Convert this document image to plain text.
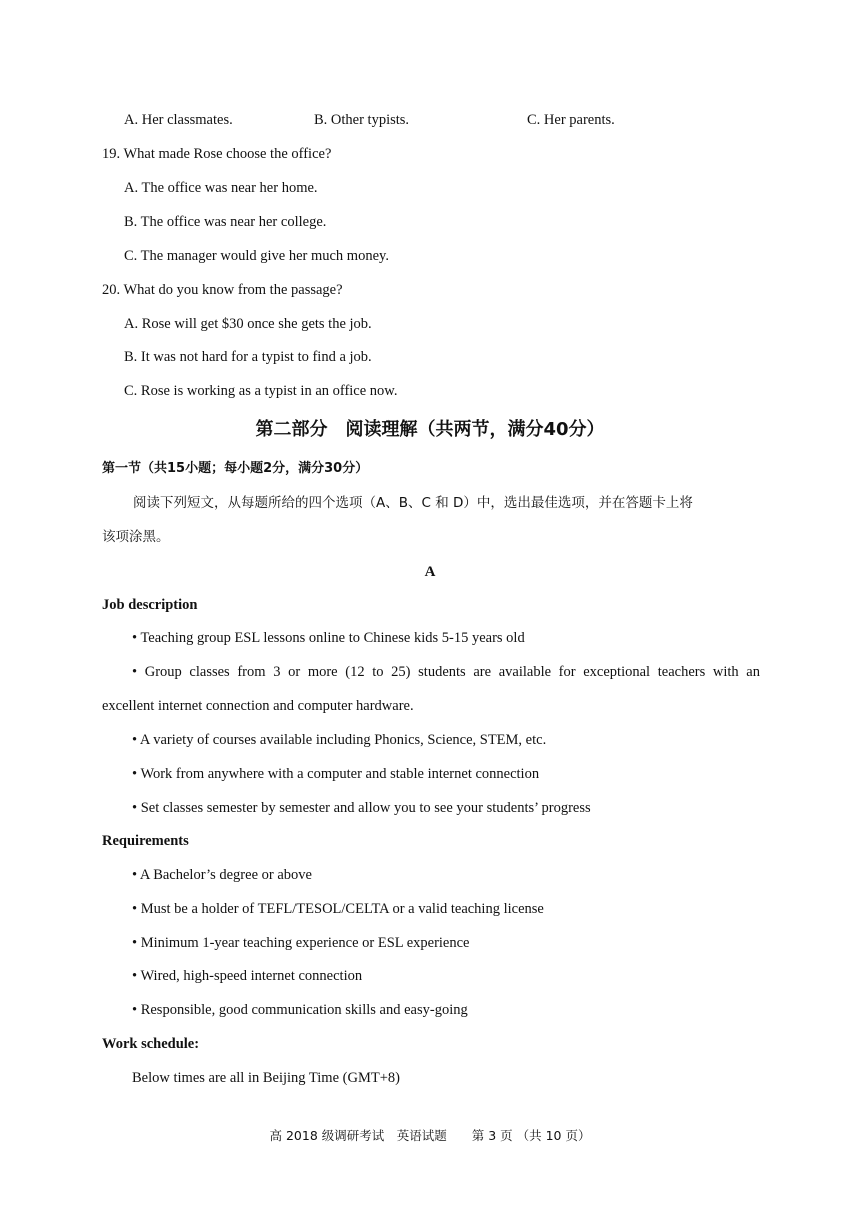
A. Her classmates.	B. Other typists.	C. Her parents.
19. What made Rose choose the office?
A. The office was near her home.
B. The office was near her college.
C. The manager would give her much money.
20. What do you know from the passage?
A. Rose will get $30 once she gets the job.
B. It was not hard for a typist to find a job.
C. Rose is working as a typist in an office now.
第二部分　阅读理解（共两节，满分40分）
第一节（共15小题；每小题2分，满分30分）
阅读下列短文，从每题所给的四个选项（A、B、C 和 D）中，选出最佳选项，并在答题卡上将
该项涂黑。
A
Job description
• Teaching group ESL lessons online to Chinese kids 5-15 years old
• Group classes from 3 or more (12 to 25) students are available for exceptional teachers with an
excellent internet connection and computer hardware.
• A variety of courses available including Phonics, Science, STEM, etc.
• Work from anywhere with a computer and stable internet connection
• Set classes semester by semester and allow you to see your students’ progress
Requirements
• A Bachelor’s degree or above
• Must be a holder of TEFL/TESOL/CELTA or a valid teaching license
• Minimum 1-year teaching experience or ESL experience
• Wired, high-speed internet connection
• Responsible, good communication skills and easy-going
Work schedule:
Below times are all in Beijing Time (GMT+8)
高 2018 级调研考试　英语试题　　第 3 页 （共 10 页）
